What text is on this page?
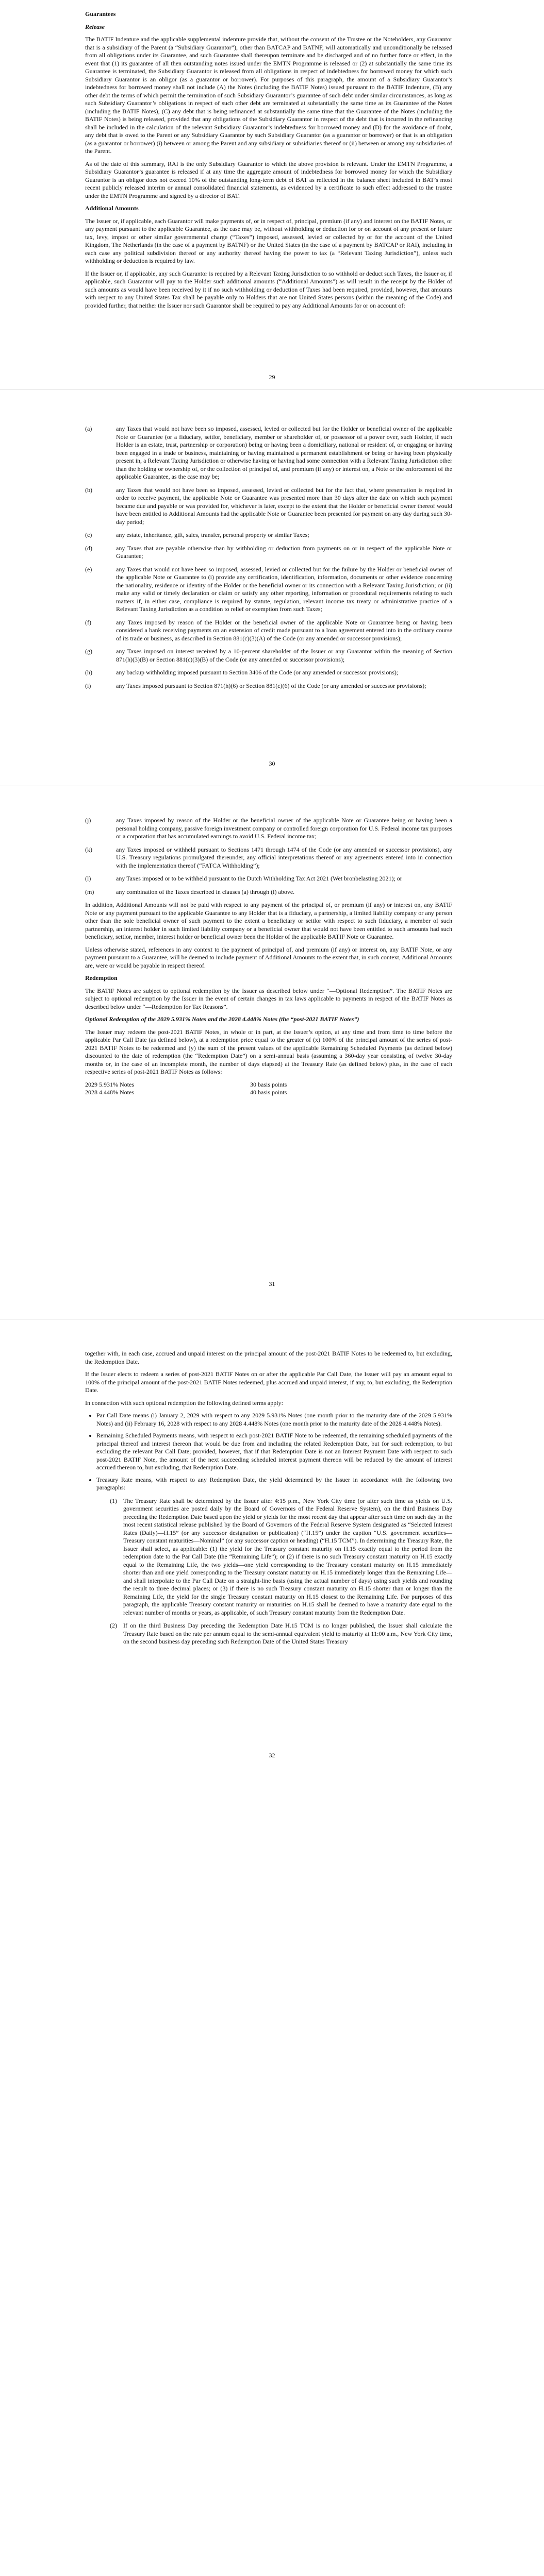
Guarantees
Release

The BATIF Indenture and the applicable supplemental indenture provide that, without the consent of the Trustee or the Noteholders, any Guarantor that is a subsidiary of the Parent (a “Subsidiary Guarantor”), other than BATCAP and BATNF, will automatically and unconditionally be released from all obligations under its Guarantee, and such Guarantee shall thereupon terminate and be discharged and of no further force or effect, in the event that (1) its guarantee of all then outstanding notes issued under the EMTN Programme is released or (2) at substantially the same time its Guarantee is terminated, the Subsidiary Guarantor is released from all obligations in respect of indebtedness for borrowed money for which such Subsidiary Guarantor is an obligor (as a guarantor or borrower). For purposes of this paragraph, the amount of a Subsidiary Guarantor’s indebtedness for borrowed money shall not include (A) the Notes (including the BATIF Notes) issued pursuant to the BATIF Indenture, (B) any other debt the terms of which permit the termination of such Subsidiary Guarantor’s guarantee of such debt under similar circumstances, as long as such Subsidiary Guarantor’s obligations in respect of such other debt are terminated at substantially the same time as its Guarantee of the Notes (including the BATIF Notes), (C) any debt that is being refinanced at substantially the same time that the Guarantee of the Notes (including the BATIF Notes) is being released, provided that any obligations of the Subsidiary Guarantor in respect of the debt that is incurred in the refinancing shall be included in the calculation of the relevant Subsidiary Guarantor’s indebtedness for borrowed money and (D) for the avoidance of doubt, any debt that is owed to the Parent or any Subsidiary Guarantor by such Subsidiary Guarantor (as a guarantor or borrower) or that is an obligation (as a guarantor or borrower) (i) between or among the Parent and any subsidiary or subsidiaries thereof or (ii) between or among any subsidiaries of the Parent.

As of the date of this summary, RAI is the only Subsidiary Guarantor to which the above provision is relevant. Under the EMTN Programme, a Subsidiary Guarantor’s guarantee is released if at any time the aggregate amount of indebtedness for borrowed money for which the Subsidiary Guarantor is an obligor does not exceed 10% of the outstanding long-term debt of BAT as reflected in the balance sheet included in BAT’s most recent publicly released interim or annual consolidated financial statements, as evidenced by a certificate to such effect addressed to the trustee under the EMTN Programme and signed by a director of BAT.

Additional Amounts

The Issuer or, if applicable, each Guarantor will make payments of, or in respect of, principal, premium (if any) and interest on the BATIF Notes, or any payment pursuant to the applicable Guarantee, as the case may be, without withholding or deduction for or on account of any present or future tax, levy, impost or other similar governmental charge (“Taxes”) imposed, assessed, levied or collected by or for the account of the United Kingdom, The Netherlands (in the case of a payment by BATNF) or the United States (in the case of a payment by BATCAP or RAI), including in each case any political subdivision thereof or any authority thereof having the power to tax (a “Relevant Taxing Jurisdiction”), unless such withholding or deduction is required by law.

If the Issuer or, if applicable, any such Guarantor is required by a Relevant Taxing Jurisdiction to so withhold or deduct such Taxes, the Issuer or, if applicable, such Guarantor will pay to the Holder such additional amounts (“Additional Amounts”) as will result in the receipt by the Holder of such amounts as would have been received by it if no such withholding or deduction of Taxes had been required, provided, however, that amounts with respect to any United States Tax shall be payable only to Holders that are not United States persons (within the meaning of the Code) and provided further, that neither the Issuer nor such Guarantor shall be required to pay any Additional Amounts for or on account of:

29
(a)	any Taxes that would not have been so imposed, assessed, levied or collected but for the Holder or beneficial owner of the applicable Note or Guarantee (or a fiduciary, settlor, beneficiary, member or shareholder of, or possessor of a power over, such Holder, if such Holder is an estate, trust, partnership or corporation) being or having been a domiciliary, national or resident of, or engaging or having been engaged in a trade or business, maintaining or having maintained a permanent establishment or being or having been physically present in, a Relevant Taxing Jurisdiction or otherwise having or having had some connection with a Relevant Taxing Jurisdiction other than the holding or ownership of, or the collection of principal of, and premium (if any) or interest on, a Note or the enforcement of the applicable Guarantee, as the case may be;
(b)	any Taxes that would not have been so imposed, assessed, levied or collected but for the fact that, where presentation is required in order to receive payment, the applicable Note or Guarantee was presented more than 30 days after the date on which such payment became due and payable or was provided for, whichever is later, except to the extent that the Holder or beneficial owner thereof would have been entitled to Additional Amounts had the applicable Note or Guarantee been presented for payment on any day during such 30-day period;
(c)	any estate, inheritance, gift, sales, transfer, personal property or similar Taxes;
(d)	any Taxes that are payable otherwise than by withholding or deduction from payments on or in respect of the applicable Note or Guarantee;
(e)	any Taxes that would not have been so imposed, assessed, levied or collected but for the failure by the Holder or beneficial owner of the applicable Note or Guarantee to (i) provide any certification, identification, information, documents or other evidence concerning the nationality, residence or identity of the Holder or the beneficial owner or its connection with a Relevant Taxing Jurisdiction; or (ii) make any valid or timely declaration or claim or satisfy any other reporting, information or procedural requirements relating to such matters if, in either case, compliance is required by statute, regulation, relevant income tax treaty or administrative practice of a Relevant Taxing Jurisdiction as a condition to relief or exemption from such Taxes;
(f)	any Taxes imposed by reason of the Holder or the beneficial owner of the applicable Note or Guarantee being or having been considered a bank receiving payments on an extension of credit made pursuant to a loan agreement entered into in the ordinary course of its trade or business, as described in Section 881(c)(3)(A) of the Code (or any amended or successor provisions);
(g)	any Taxes imposed on interest received by a 10-percent shareholder of the Issuer or any Guarantor within the meaning of Section 871(h)(3)(B) or Section 881(c)(3)(B) of the Code (or any amended or successor provisions);
(h)	any backup withholding imposed pursuant to Section 3406 of the Code (or any amended or successor provisions);
(i)	any Taxes imposed pursuant to Section 871(h)(6) or Section 881(c)(6) of the Code (or any amended or successor provisions);
30
(j)	any Taxes imposed by reason of the Holder or the beneficial owner of the applicable Note or Guarantee being or having been a personal holding company, passive foreign investment company or controlled foreign corporation for U.S. Federal income tax purposes or a corporation that has accumulated earnings to avoid U.S. Federal income tax;
(k)	any Taxes imposed or withheld pursuant to Sections 1471 through 1474 of the Code (or any amended or successor provisions), any U.S. Treasury regulations promulgated thereunder, any official interpretations thereof or any agreements entered into in connection with the implementation thereof (“FATCA Withholding”);
(l)	any Taxes imposed or to be withheld pursuant to the Dutch Withholding Tax Act 2021 (Wet bronbelasting 2021); or
(m)	any combination of the Taxes described in clauses (a) through (l) above.

In addition, Additional Amounts will not be paid with respect to any payment of the principal of, or premium (if any) or interest on, any BATIF Note or any payment pursuant to the applicable Guarantee to any Holder that is a fiduciary, a partnership, a limited liability company or any person other than the sole beneficial owner of such payment to the extent a beneficiary or settlor with respect to such fiduciary, a member of such partnership, an interest holder in such limited liability company or a beneficial owner that would not have been entitled to such amounts had such beneficiary, settlor, member, interest holder or beneficial owner been the Holder of the applicable BATIF Note or Guarantee.

Unless otherwise stated, references in any context to the payment of principal of, and premium (if any) or interest on, any BATIF Note, or any payment pursuant to a Guarantee, will be deemed to include payment of Additional Amounts to the extent that, in such context, Additional Amounts are, were or would be payable in respect thereof.

Redemption

The BATIF Notes are subject to optional redemption by the Issuer as described below under “—Optional Redemption”. The BATIF Notes are subject to optional redemption by the Issuer in the event of certain changes in tax laws applicable to payments in respect of the BATIF Notes as described below under “—Redemption for Tax Reasons”.

Optional Redemption of the 2029 5.931% Notes and the 2028 4.448% Notes (the “post-2021 BATIF Notes”)

The Issuer may redeem the post-2021 BATIF Notes, in whole or in part, at the Issuer’s option, at any time and from time to time before the applicable Par Call Date (as defined below), at a redemption price equal to the greater of (x) 100% of the principal amount of the series of post-2021 BATIF Notes to be redeemed and (y) the sum of the present values of the applicable Remaining Scheduled Payments (as defined below) discounted to the date of redemption (the “Redemption Date”) on a semi-annual basis (assuming a 360-day year consisting of twelve 30-day months or, in the case of an incomplete month, the number of days elapsed) at the Treasury Rate (as defined below) plus, in the case of each respective series of post-2021 BATIF Notes as follows:

2029 5.931% Notes	30 basis points
2028 4.448% Notes	40 basis points
31

together with, in each case, accrued and unpaid interest on the principal amount of the post-2021 BATIF Notes to be redeemed to, but excluding, the Redemption Date.

If the Issuer elects to redeem a series of post-2021 BATIF Notes on or after the applicable Par Call Date, the Issuer will pay an amount equal to 100% of the principal amount of the post-2021 BATIF Notes redeemed, plus accrued and unpaid interest, if any, to, but excluding, the Redemption Date.

In connection with such optional redemption the following defined terms apply:

• Par Call Date means (i) January 2, 2029 with respect to any 2029 5.931% Notes (one month prior to the maturity date of the 2029 5.931% Notes) and (ii) February 16, 2028 with respect to any 2028 4.448% Notes (one month prior to the maturity date of the 2028 4.448% Notes).
• Remaining Scheduled Payments means, with respect to each post-2021 BATIF Note to be redeemed, the remaining scheduled payments of the principal thereof and interest thereon that would be due from and including the related Redemption Date, but for such redemption, to but excluding the relevant Par Call Date; provided, however, that if that Redemption Date is not an Interest Payment Date with respect to such post-2021 BATIF Note, the amount of the next succeeding scheduled interest payment thereon will be reduced by the amount of interest accrued thereon to, but excluding, that Redemption Date.
• Treasury Rate means, with respect to any Redemption Date, the yield determined by the Issuer in accordance with the following two paragraphs:
(1)	The Treasury Rate shall be determined by the Issuer after 4:15 p.m., New York City time (or after such time as yields on U.S. government securities are posted daily by the Board of Governors of the Federal Reserve System), on the third Business Day preceding the Redemption Date based upon the yield or yields for the most recent day that appear after such time on such day in the most recent statistical release published by the Board of Governors of the Federal Reserve System designated as “Selected Interest Rates (Daily)—H.15” (or any successor designation or publication) (“H.15”) under the caption “U.S. government securities—Treasury constant maturities—Nominal” (or any successor caption or heading) (“H.15 TCM”). In determining the Treasury Rate, the Issuer shall select, as applicable: (1) the yield for the Treasury constant maturity on H.15 exactly equal to the period from the redemption date to the Par Call Date (the “Remaining Life”); or (2) if there is no such Treasury constant maturity on H.15 exactly equal to the Remaining Life, the two yields—one yield corresponding to the Treasury constant maturity on H.15 immediately shorter than and one yield corresponding to the Treasury constant maturity on H.15 immediately longer than the Remaining Life—and shall interpolate to the Par Call Date on a straight-line basis (using the actual number of days) using such yields and rounding the result to three decimal places; or (3) if there is no such Treasury constant maturity on H.15 shorter than or longer than the Remaining Life, the yield for the single Treasury constant maturity on H.15 closest to the Remaining Life. For purposes of this paragraph, the applicable Treasury constant maturity or maturities on H.15 shall be deemed to have a maturity date equal to the relevant number of months or years, as applicable, of such Treasury constant maturity from the Redemption Date.
(2)	If on the third Business Day preceding the Redemption Date H.15 TCM is no longer published, the Issuer shall calculate the Treasury Rate based on the rate per annum equal to the semi-annual equivalent yield to maturity at 11:00 a.m., New York City time, on the second business day preceding such Redemption Date of the United States Treasury
32
